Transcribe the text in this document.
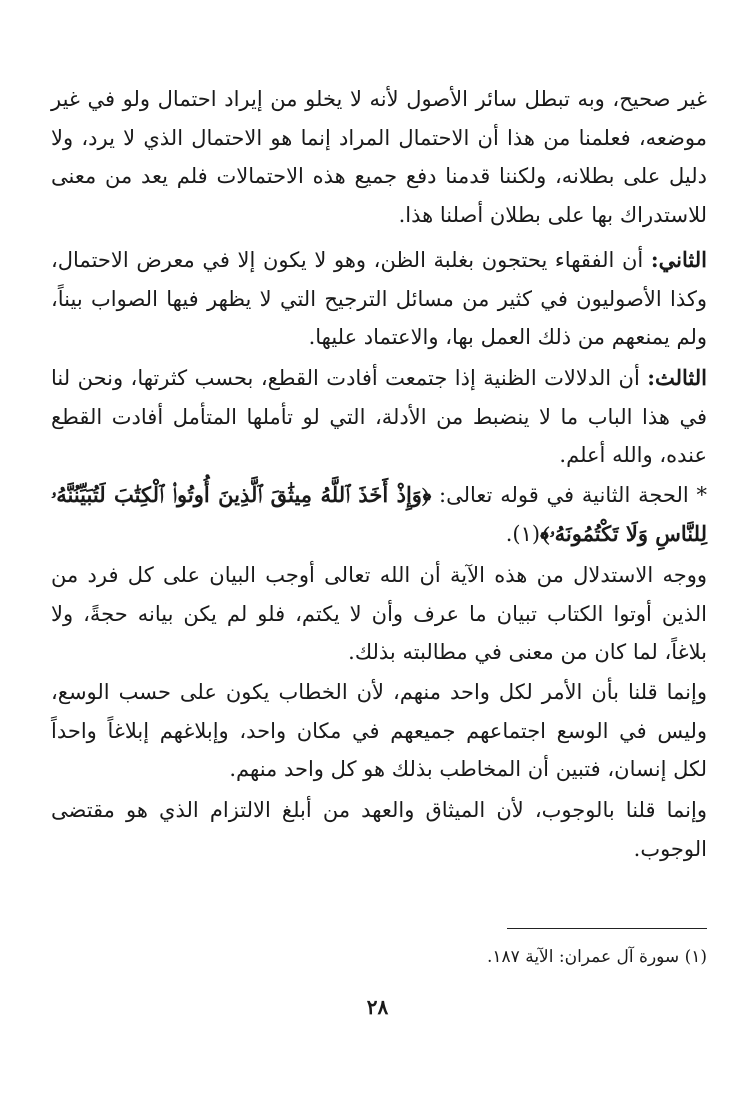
غير صحيح، وبه تبطل سائر الأصول لأنه لا يخلو من إيراد احتمال ولو في غير موضعه، فعلمنا من هذا أن الاحتمال المراد إنما هو الاحتمال الذي لا يرد، ولا دليل على بطلانه، ولكننا قدمنا دفع جميع هذه الاحتمالات فلم يعد من معنى للاستدراك بها على بطلان أصلنا هذا.

الثاني: أن الفقهاء يحتجون بغلبة الظن، وهو لا يكون إلا في معرض الاحتمال، وكذا الأصوليون في كثير من مسائل الترجيح التي لا يظهر فيها الصواب بيناً، ولم يمنعهم من ذلك العمل بها، والاعتماد عليها.

الثالث: أن الدلالات الظنية إذا جتمعت أفادت القطع، بحسب كثرتها، ونحن لنا في هذا الباب ما لا ينضبط من الأدلة، التي لو تأملها المتأمل أفادت القطع عنده، والله أعلم.

* الحجة الثانية في قوله تعالى: ﴿وَإِذْ أَخَذَ ٱللَّهُ مِيثَٰقَ ٱلَّذِينَ أُوتُوا۟ ٱلْكِتَٰبَ لَتُبَيِّنُنَّهُۥ لِلنَّاسِ وَلَا تَكْتُمُونَهُۥ﴾(١).

ووجه الاستدلال من هذه الآية أن الله تعالى أوجب البيان على كل فرد من الذين أوتوا الكتاب تبيان ما عرف وأن لا يكتم، فلو لم يكن بيانه حجةً، ولا بلاغاً، لما كان من معنى في مطالبته بذلك.

وإنما قلنا بأن الأمر لكل واحد منهم، لأن الخطاب يكون على حسب الوسع، وليس في الوسع اجتماعهم جميعهم في مكان واحد، وإبلاغهم إبلاغاً واحداً لكل إنسان، فتبين أن المخاطب بذلك هو كل واحد منهم.

وإنما قلنا بالوجوب، لأن الميثاق والعهد من أبلغ الالتزام الذي هو مقتضى الوجوب.

(١) سورة آل عمران: الآية ١٨٧.

٢٨
